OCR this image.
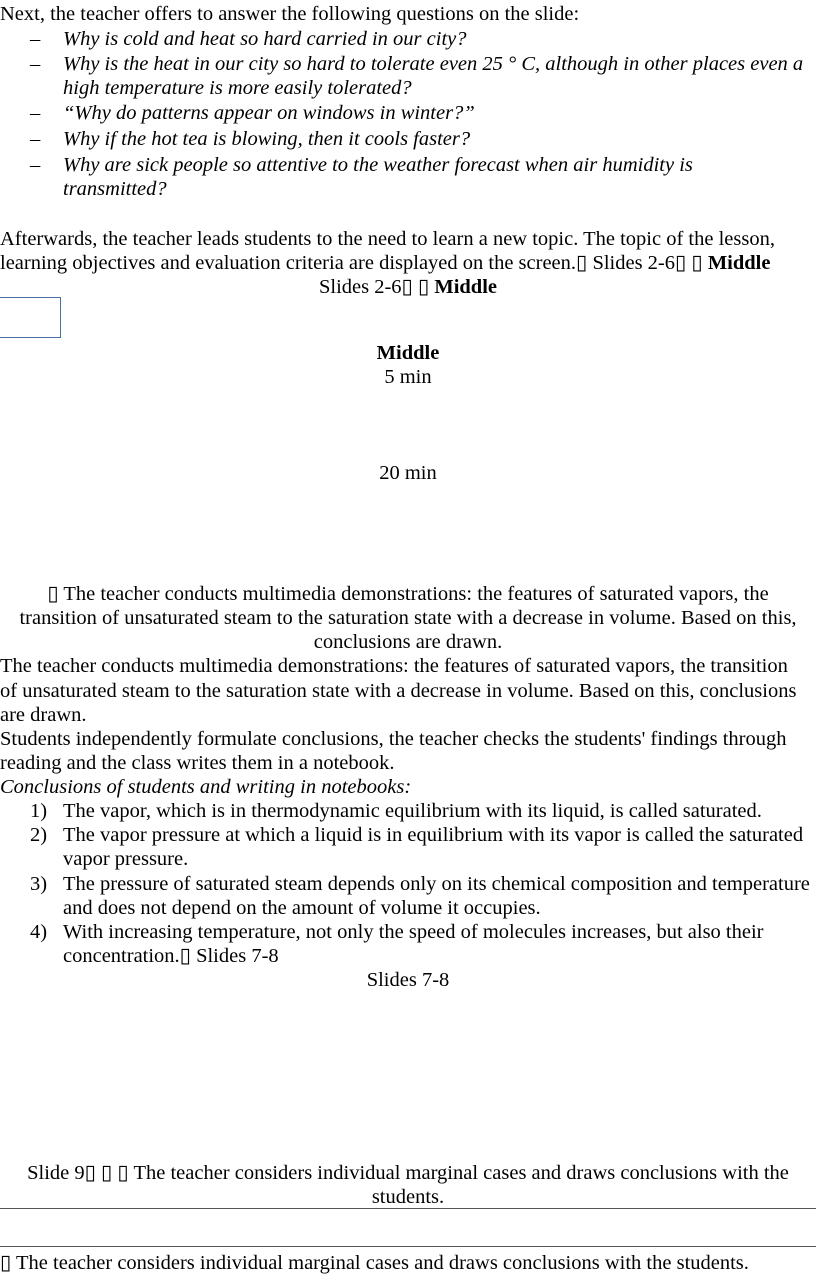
Next, the teacher offers to answer the following questions on the slide:
– Why is cold and heat so hard carried in our city?
– Why is the heat in our city so hard to tolerate even 25 ° C, although in other places even a
high temperature is more easily tolerated?
– “Why do patterns appear on windows in winter?”
– Why if the hot tea is blowing, then it cools faster?
– Why are sick people so attentive to the weather forecast when air humidity is
transmitted?
Afterwards, the teacher leads students to the need to learn a new topic. The topic of the lesson,
learning objectives and evaluation criteria are displayed on the screen.▯ Slides 2-6▯ ▯ Middle
Slides 2-6▯ ▯ Middle
Middle
5 min
20 min
▯ The teacher conducts multimedia demonstrations: the features of saturated vapors, the
transition of unsaturated steam to the saturation state with a decrease in volume. Based on this,
conclusions are drawn.
The teacher conducts multimedia demonstrations: the features of saturated vapors, the transition
of unsaturated steam to the saturation state with a decrease in volume. Based on this, conclusions
are drawn.
Students independently formulate conclusions, the teacher checks the students' findings through
reading and the class writes them in a notebook.
Conclusions of students and writing in notebooks:
1) The vapor, which is in thermodynamic equilibrium with its liquid, is called saturated.
2) The vapor pressure at which a liquid is in equilibrium with its vapor is called the saturated
vapor pressure.
3) The pressure of saturated steam depends only on its chemical composition and temperature
and does not depend on the amount of volume it occupies.
4) With increasing temperature, not only the speed of molecules increases, but also their
concentration.▯ Slides 7-8
Slides 7-8
Slide 9▯ ▯ ▯ The teacher considers individual marginal cases and draws conclusions with the
students.
▯ The teacher considers individual marginal cases and draws conclusions with the students.
